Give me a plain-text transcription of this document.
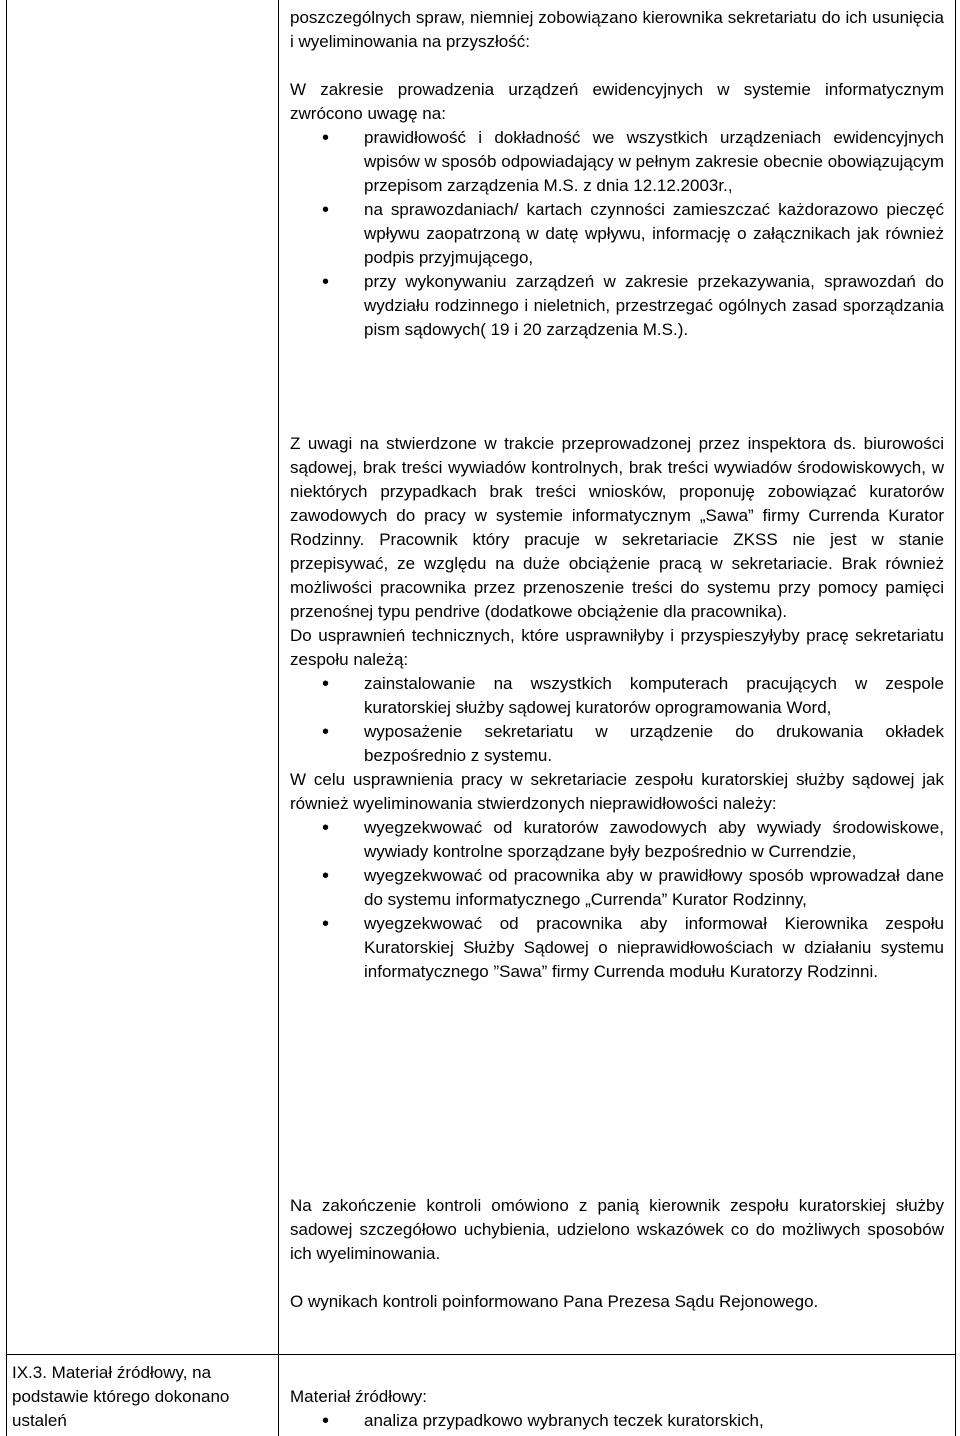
poszczególnych spraw, niemniej zobowiązano kierownika sekretariatu do ich usunięcia i wyeliminowania na przyszłość:

W zakresie prowadzenia urządzeń ewidencyjnych w systemie informatycznym zwrócono uwagę na:

• prawidłowość i dokładność we wszystkich urządzeniach ewidencyjnych wpisów w sposób odpowiadający w pełnym zakresie obecnie obowiązującym przepisom zarządzenia M.S. z dnia 12.12.2003r.,
• na sprawozdaniach/ kartach czynności zamieszczać każdorazowo pieczęć wpływu zaopatrzoną w datę wpływu, informację o załącznikach jak również podpis przyjmującego,
• przy wykonywaniu zarządzeń w zakresie przekazywania, sprawozdań do wydziału rodzinnego i nieletnich, przestrzegać ogólnych zasad sporządzania pism sądowych( 19 i 20 zarządzenia M.S.).

Z uwagi na stwierdzone w trakcie przeprowadzonej przez inspektora ds. biurowości sądowej, brak treści wywiadów kontrolnych, brak treści wywiadów środowiskowych, w niektórych przypadkach brak treści wniosków, proponuję zobowiązać kuratorów zawodowych do pracy w systemie informatycznym „Sawa” firmy Currenda Kurator Rodzinny. Pracownik który pracuje w sekretariacie ZKSS nie jest w stanie przepisywać, ze względu na duże obciążenie pracą w sekretariacie. Brak również możliwości pracownika przez przenoszenie treści do systemu przy pomocy pamięci przenośnej typu pendrive (dodatkowe obciążenie dla pracownika).

Do usprawnień technicznych, które usprawniłyby i przyspieszyłyby pracę sekretariatu zespołu należą:

• zainstalowanie na wszystkich komputerach pracujących w zespole kuratorskiej służby sądowej kuratorów oprogramowania Word,
• wyposażenie sekretariatu w urządzenie do drukowania okładek bezpośrednio z systemu.

W celu usprawnienia pracy w sekretariacie zespołu kuratorskiej służby sądowej jak również wyeliminowania stwierdzonych nieprawidłowości należy:

• wyegzekwować od kuratorów zawodowych aby wywiady środowiskowe, wywiady kontrolne sporządzane były bezpośrednio w Currendzie,
• wyegzekwować od pracownika aby w prawidłowy sposób wprowadzał dane do systemu informatycznego „Currenda” Kurator Rodzinny,
• wyegzekwować od pracownika aby informował Kierownika zespołu Kuratorskiej Służby Sądowej o nieprawidłowościach w działaniu systemu informatycznego ”Sawa” firmy Currenda modułu Kuratorzy Rodzinni.

Na zakończenie kontroli omówiono z panią kierownik zespołu kuratorskiej służby sadowej szczegółowo uchybienia, udzielono wskazówek co do możliwych sposobów ich wyeliminowania.

O wynikach kontroli poinformowano Pana Prezesa Sądu Rejonowego.

IX.3. Materiał źródłowy, na podstawie którego dokonano ustaleń

Materiał źródłowy:

• analiza przypadkowo wybranych teczek kuratorskich,
